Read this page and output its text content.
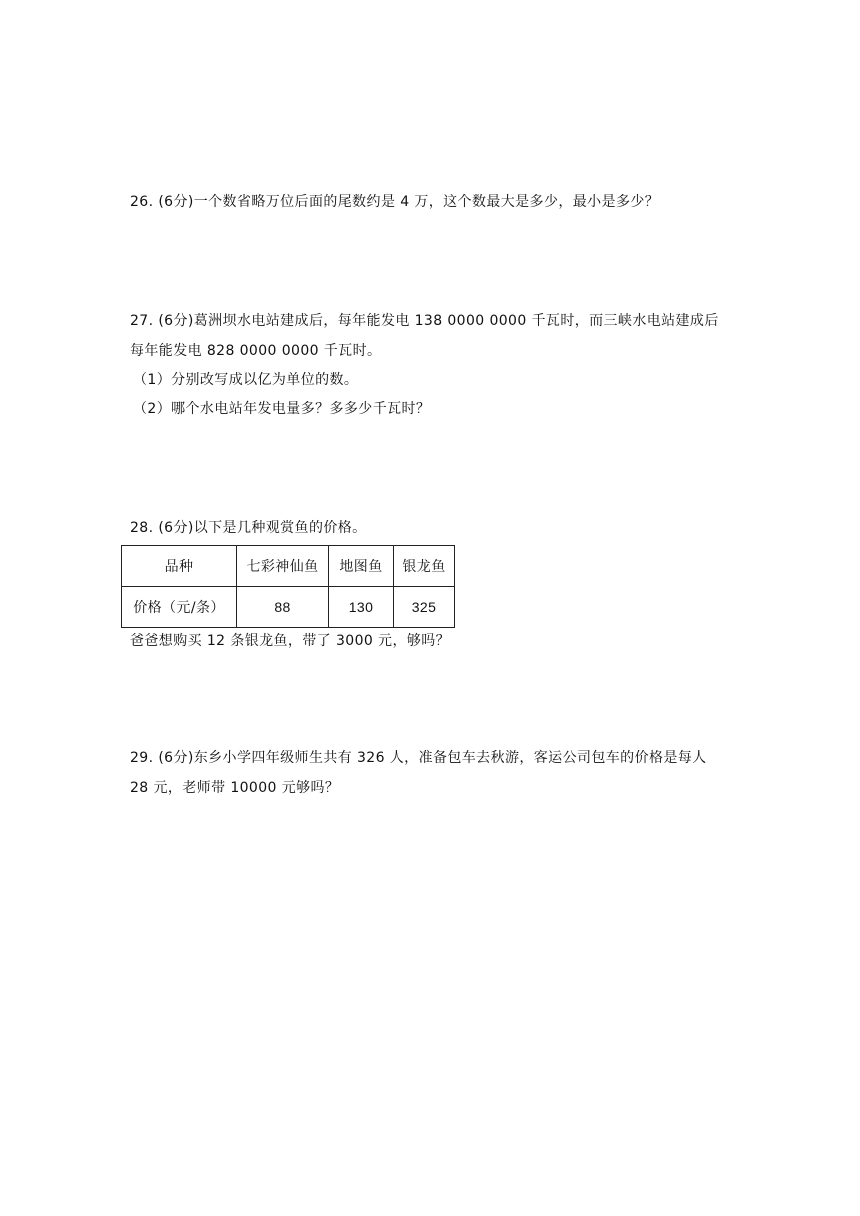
26. (6分)一个数省略万位后面的尾数约是 4 万，这个数最大是多少，最小是多少？
27. (6分)葛洲坝水电站建成后，每年能发电 138 0000 0000 千瓦时，而三峡水电站建成后
每年能发电 828 0000 0000 千瓦时。
（1）分别改写成以亿为单位的数。
（2）哪个水电站年发电量多？多多少千瓦时？
28. (6分)以下是几种观赏鱼的价格。
品种	七彩神仙鱼	地图鱼	银龙鱼
价格（元/条）	88	130	325
爸爸想购买 12 条银龙鱼，带了 3000 元，够吗？
29. (6分)东乡小学四年级师生共有 326 人，准备包车去秋游，客运公司包车的价格是每人
28 元，老师带 10000 元够吗？
